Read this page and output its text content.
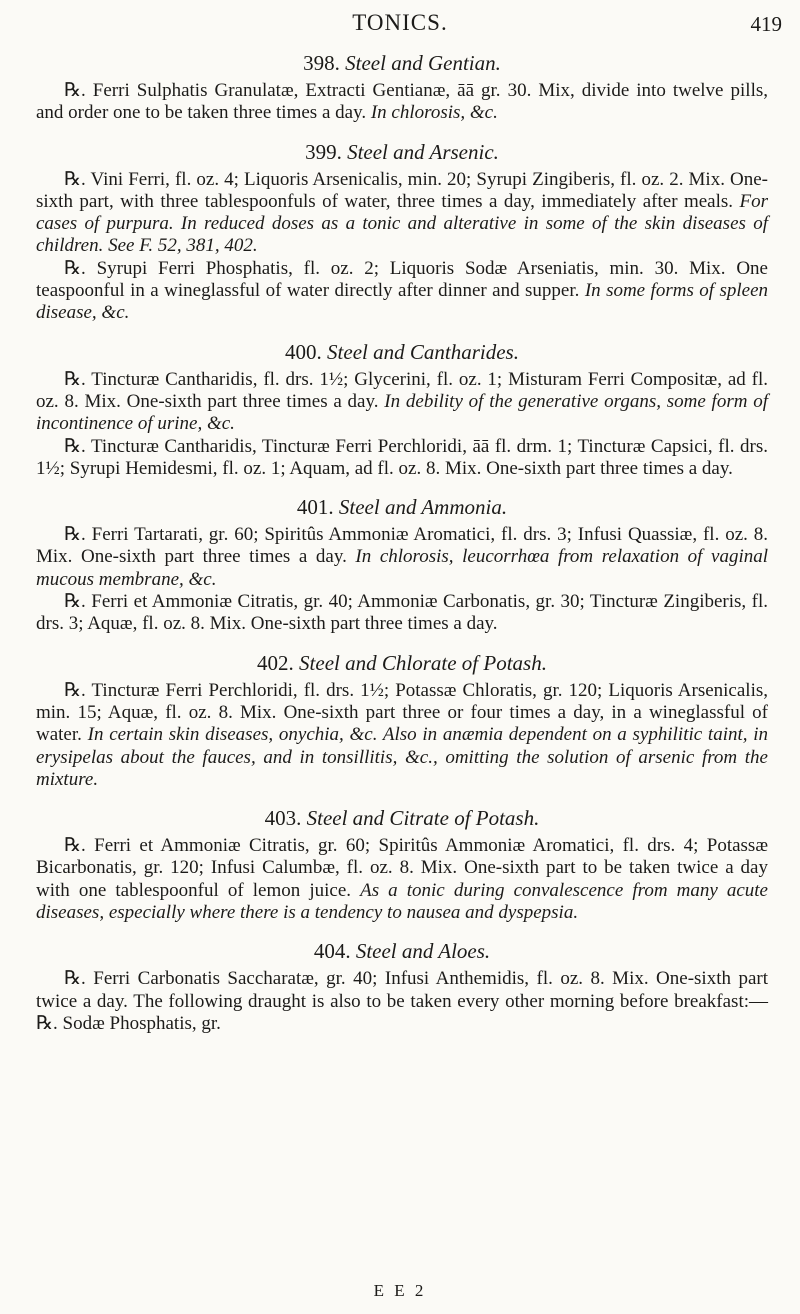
TONICS.	419
398. Steel and Gentian.

℞. Ferri Sulphatis Granulatæ, Extracti Gentianæ, āā gr. 30. Mix, divide into twelve pills, and order one to be taken three times a day. In chlorosis, &c.

399. Steel and Arsenic.

℞. Vini Ferri, fl. oz. 4; Liquoris Arsenicalis, min. 20; Syrupi Zingiberis, fl. oz. 2. Mix. One-sixth part, with three tablespoonfuls of water, three times a day, immediately after meals. For cases of purpura. In reduced doses as a tonic and alterative in some of the skin diseases of children. See F. 52, 381, 402.

℞. Syrupi Ferri Phosphatis, fl. oz. 2; Liquoris Sodæ Arseniatis, min. 30. Mix. One teaspoonful in a wineglassful of water directly after dinner and supper. In some forms of spleen disease, &c.

400. Steel and Cantharides.

℞. Tincturæ Cantharidis, fl. drs. 1½; Glycerini, fl. oz. 1; Misturam Ferri Compositæ, ad fl. oz. 8. Mix. One-sixth part three times a day. In debility of the generative organs, some form of incontinence of urine, &c.

℞. Tincturæ Cantharidis, Tincturæ Ferri Perchloridi, āā fl. drm. 1; Tincturæ Capsici, fl. drs. 1½; Syrupi Hemidesmi, fl. oz. 1; Aquam, ad fl. oz. 8. Mix. One-sixth part three times a day.

401. Steel and Ammonia.

℞. Ferri Tartarati, gr. 60; Spiritûs Ammoniæ Aromatici, fl. drs. 3; Infusi Quassiæ, fl. oz. 8. Mix. One-sixth part three times a day. In chlorosis, leucorrhœa from relaxation of vaginal mucous membrane, &c.

℞. Ferri et Ammoniæ Citratis, gr. 40; Ammoniæ Carbonatis, gr. 30; Tincturæ Zingiberis, fl. drs. 3; Aquæ, fl. oz. 8. Mix. One-sixth part three times a day.

402. Steel and Chlorate of Potash.

℞. Tincturæ Ferri Perchloridi, fl. drs. 1½; Potassæ Chloratis, gr. 120; Liquoris Arsenicalis, min. 15; Aquæ, fl. oz. 8. Mix. One-sixth part three or four times a day, in a wineglassful of water. In certain skin diseases, onychia, &c. Also in anæmia dependent on a syphilitic taint, in erysipelas about the fauces, and in tonsillitis, &c., omitting the solution of arsenic from the mixture.

403. Steel and Citrate of Potash.

℞. Ferri et Ammoniæ Citratis, gr. 60; Spiritûs Ammoniæ Aromatici, fl. drs. 4; Potassæ Bicarbonatis, gr. 120; Infusi Calumbæ, fl. oz. 8. Mix. One-sixth part to be taken twice a day with one tablespoonful of lemon juice. As a tonic during convalescence from many acute diseases, especially where there is a tendency to nausea and dyspepsia.

404. Steel and Aloes.

℞. Ferri Carbonatis Saccharatæ, gr. 40; Infusi Anthemidis, fl. oz. 8. Mix. One-sixth part twice a day. The following draught is also to be taken every other morning before breakfast:—℞. Sodæ Phosphatis, gr.

E E 2
